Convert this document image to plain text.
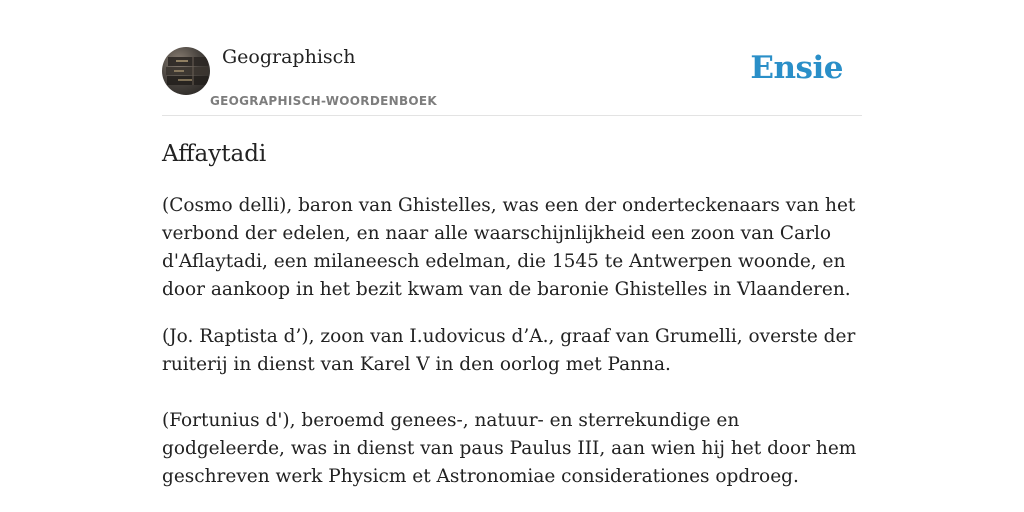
Geographisch
GEOGRAPHISCH-WOORDENBOEK
Ensie
Affaytadi

(Cosmo delli), baron van Ghistelles, was een der onderteckenaars van het verbond der edelen, en naar alle waarschijnlijkheid een zoon van Carlo d'Aflaytadi, een milaneesch edelman, die 1545 te Antwerpen woonde, en door aankoop in het bezit kwam van de baronie Ghistelles in Vlaanderen.

(Jo. Raptista d’), zoon van I.udovicus d’A., graaf van Grumelli, overste der ruiterij in dienst van Karel V in den oorlog met Panna.

(Fortunius d'), beroemd genees-, natuur- en sterrekundige en godgeleerde, was in dienst van paus Paulus III, aan wien hij het door hem geschreven werk Physicm et Astronomiae considerationes opdroeg.
